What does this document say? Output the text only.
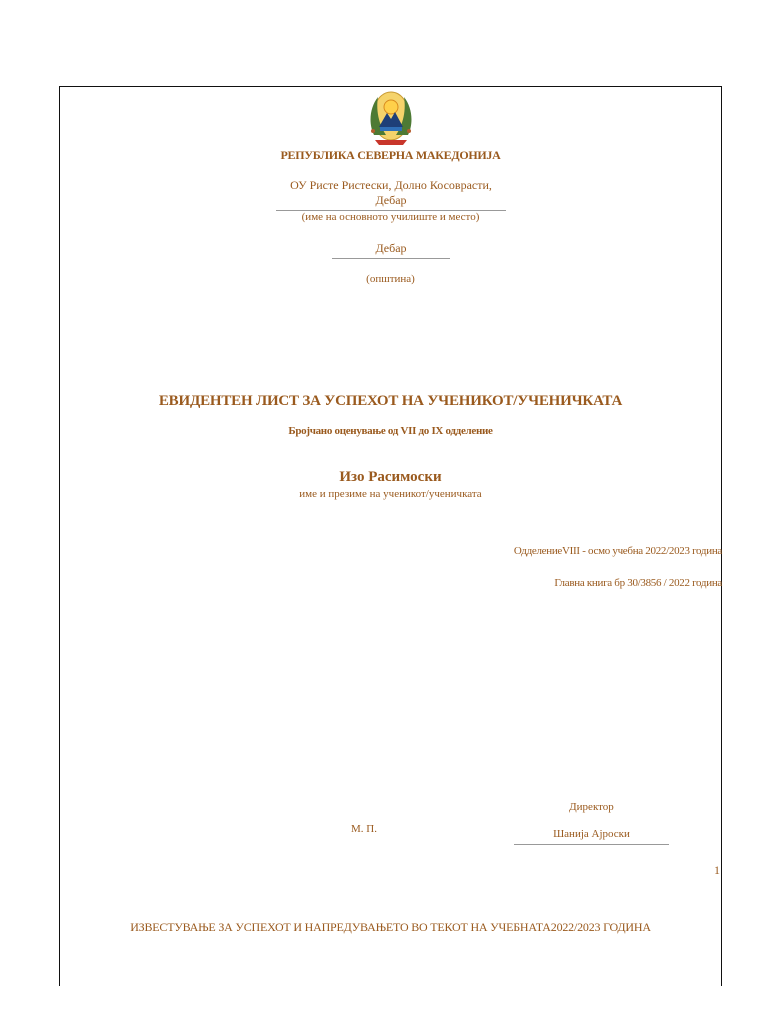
РЕПУБЛИКА СЕВЕРНА МАКЕДОНИЈА
ОУ Ристе Ристески, Долно Косоврасти, Дебар
(име на основното училиште и место)
Дебар
(општина)
ЕВИДЕНТЕН ЛИСТ ЗА УСПЕХОТ НА УЧЕНИКОТ/УЧЕНИЧКАТА
Бројчано оценување од VII до IX одделение
Изо Расимоски
име и презиме на ученикот/ученичката
ОдделениеVIII - осмо учебна 2022/2023 година
Главна книга бр 30/3856 / 2022 година
Директор
Шанија Ајроски
М. П.
1
ИЗВЕСТУВАЊЕ ЗА УСПЕХОТ И НАПРЕДУВАЊЕТО ВО ТЕКОТ НА УЧЕБНАТА2022/2023 ГОДИНА
